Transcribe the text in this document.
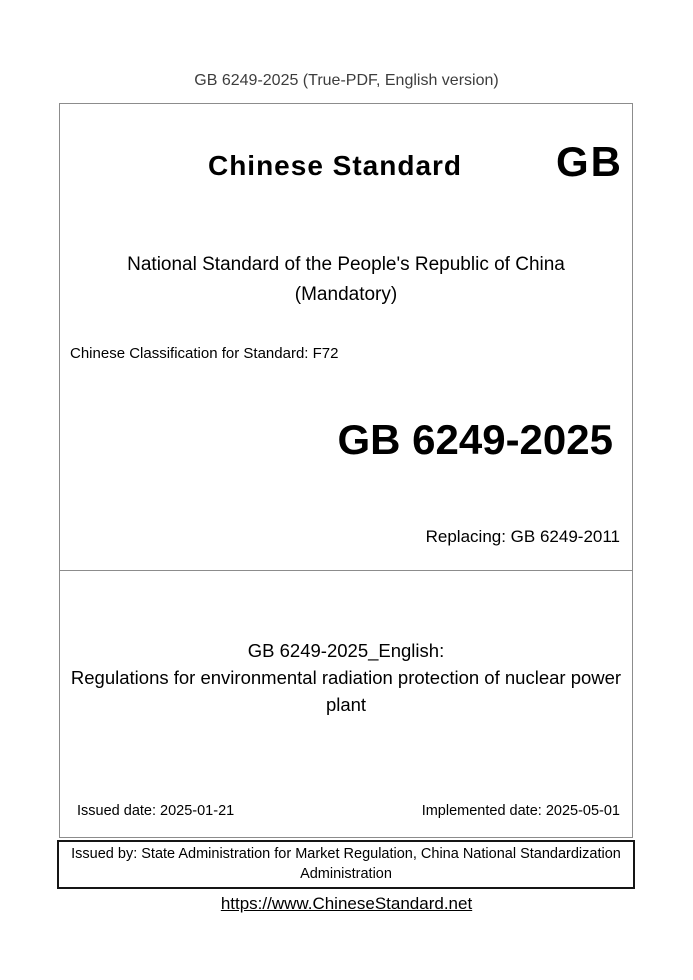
GB 6249-2025 (True-PDF, English version)
Chinese Standard	GB
National Standard of the People's Republic of China
(Mandatory)
Chinese Classification for Standard: F72
GB 6249-2025
Replacing: GB 6249-2011
GB 6249-2025_English:
Regulations for environmental radiation protection of nuclear power plant
Issued date: 2025-01-21	Implemented date: 2025-05-01
Issued by: State Administration for Market Regulation, China National Standardization Administration
https://www.ChineseStandard.net
